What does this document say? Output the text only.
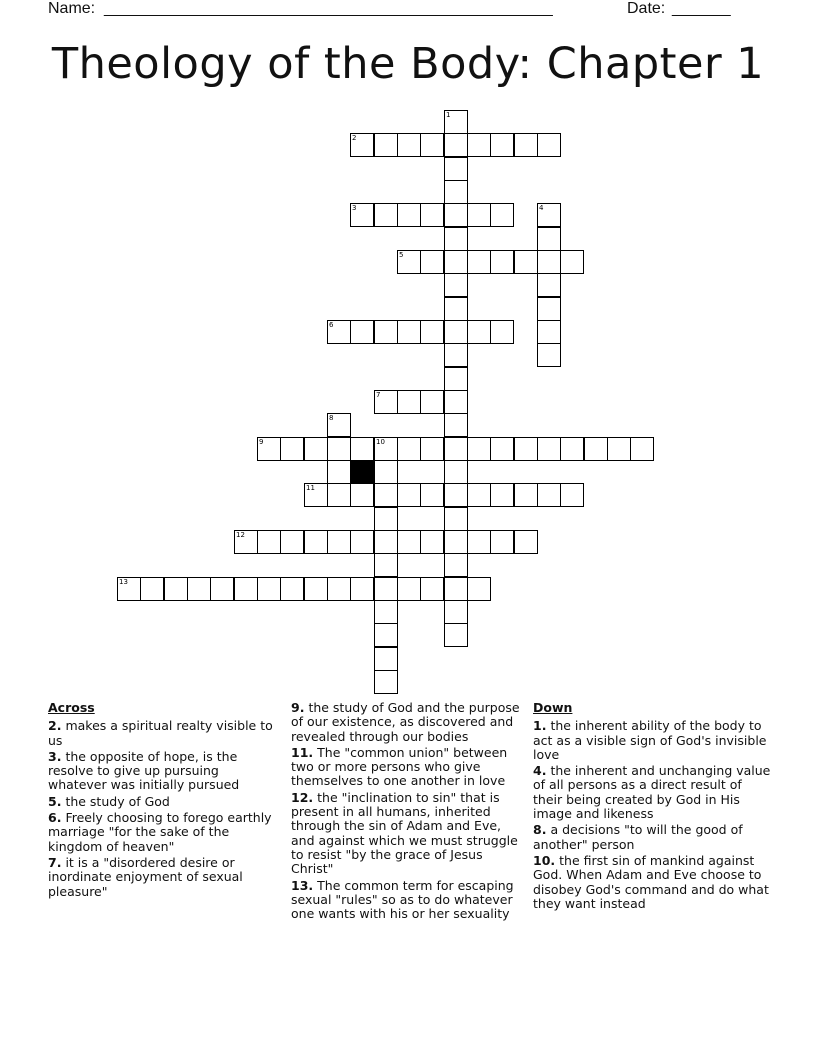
Name: ______________________________________________________	Date: _______
Theology of the Body: Chapter 1
1
2
3	4
5
6
7
8
9	10
11
12
13
Across
2. makes a spiritual realty visible to us
3. the opposite of hope, is the resolve to give up pursuing whatever was initially pursued
5. the study of God
6. Freely choosing to forego earthly marriage "for the sake of the kingdom of heaven"
7. it is a "disordered desire or inordinate enjoyment of sexual pleasure"
9. the study of God and the purpose of our existence, as discovered and revealed through our bodies
11. The "common union" between two or more persons who give themselves to one another in love
12. the "inclination to sin" that is present in all humans, inherited through the sin of Adam and Eve, and against which we must struggle to resist "by the grace of Jesus Christ"
13. The common term for escaping sexual "rules" so as to do whatever one wants with his or her sexuality
Down
1. the inherent ability of the body to act as a visible sign of God's invisible love
4. the inherent and unchanging value of all persons as a direct result of their being created by God in His image and likeness
8. a decisions "to will the good of another" person
10. the first sin of mankind against God. When Adam and Eve choose to disobey God's command and do what they want instead
